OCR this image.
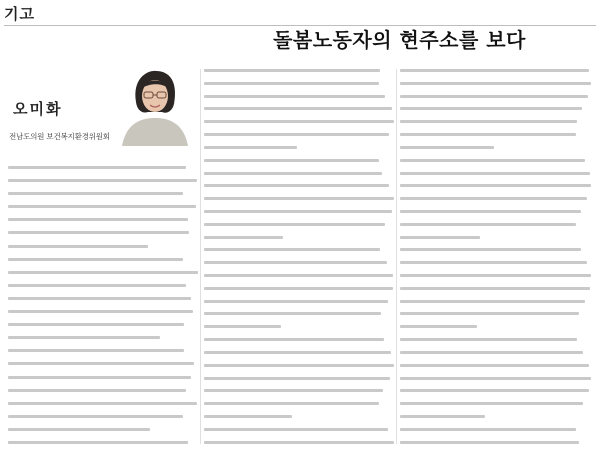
기고
돌봄노동자의 현주소를 보다
오미화
전남도의원 보건복지환경위원회
